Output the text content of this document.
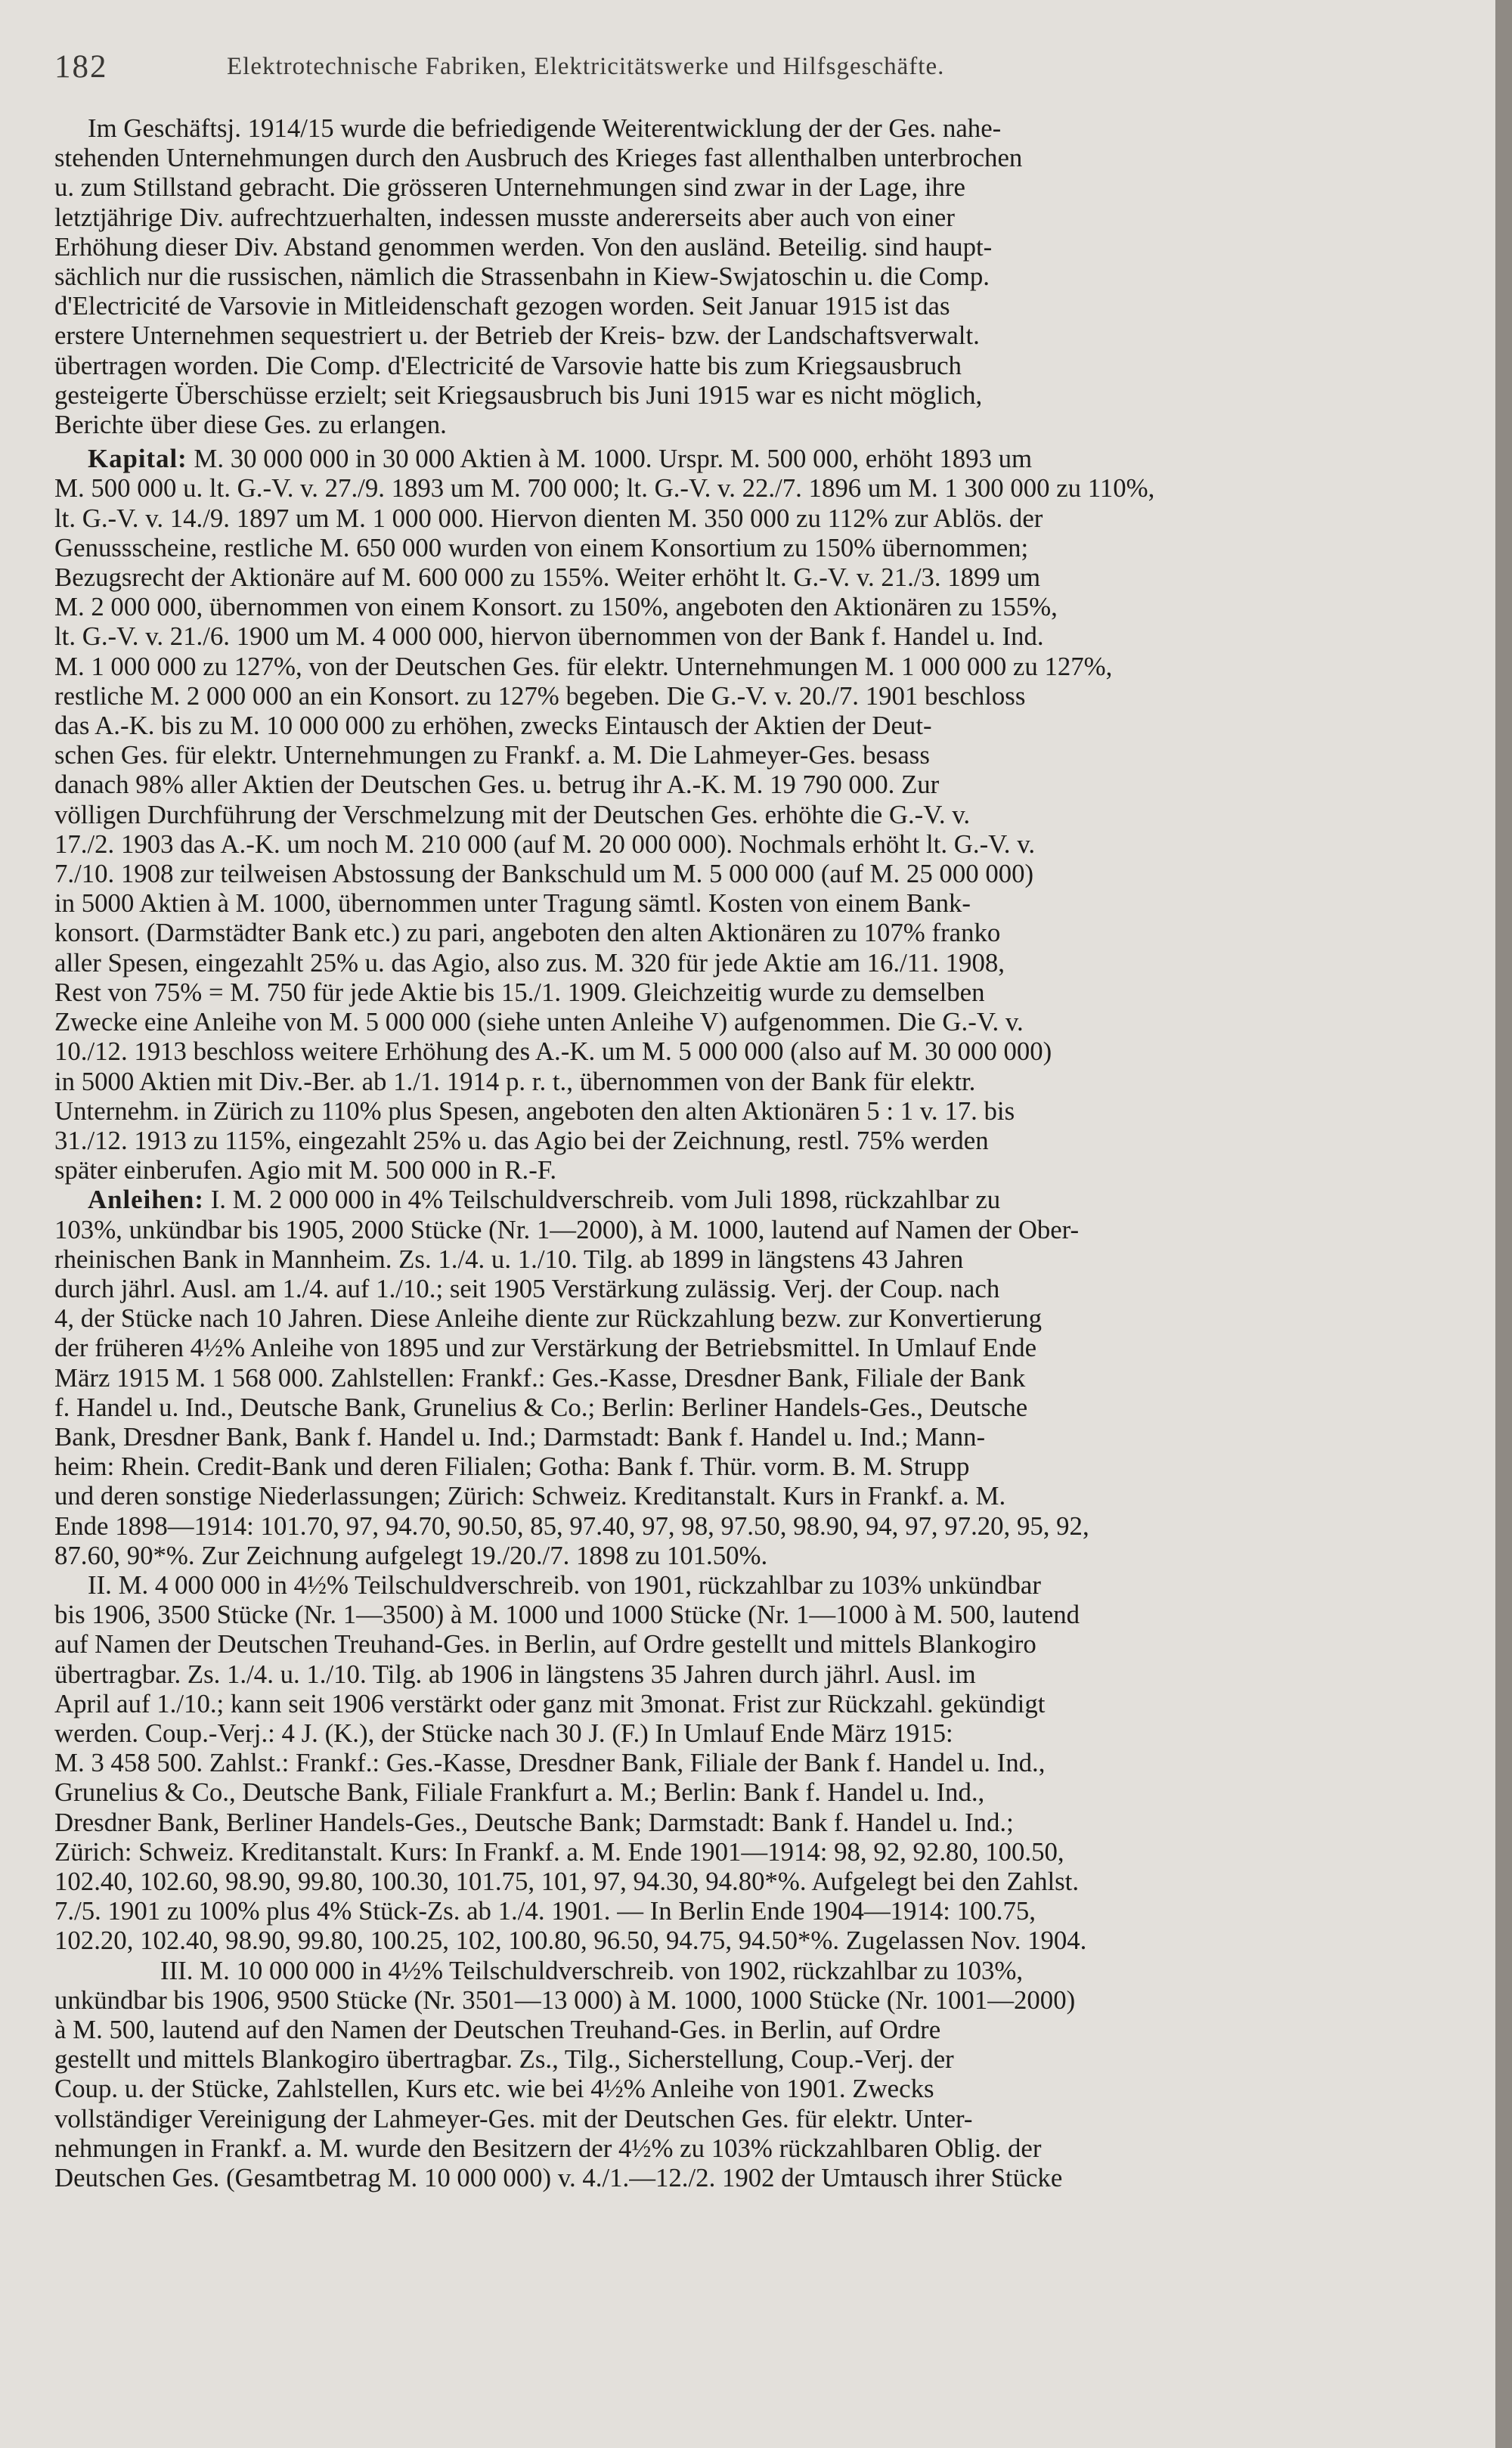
182	Elektrotechnische Fabriken, Elektricitätswerke und Hilfsgeschäfte.
Im Geschäftsj. 1914/15 wurde die befriedigende Weiterentwicklung der der Ges. nahe-
stehenden Unternehmungen durch den Ausbruch des Krieges fast allenthalben unterbrochen
u. zum Stillstand gebracht. Die grösseren Unternehmungen sind zwar in der Lage, ihre
letztjährige Div. aufrechtzuerhalten, indessen musste andererseits aber auch von einer
Erhöhung dieser Div. Abstand genommen werden. Von den ausländ. Beteilig. sind haupt-
sächlich nur die russischen, nämlich die Strassenbahn in Kiew-Swjatoschin u. die Comp.
d'Electricité de Varsovie in Mitleidenschaft gezogen worden. Seit Januar 1915 ist das
erstere Unternehmen sequestriert u. der Betrieb der Kreis- bzw. der Landschaftsverwalt.
übertragen worden. Die Comp. d'Electricité de Varsovie hatte bis zum Kriegsausbruch
gesteigerte Überschüsse erzielt; seit Kriegsausbruch bis Juni 1915 war es nicht möglich,
Berichte über diese Ges. zu erlangen.
Kapital: M. 30 000 000 in 30 000 Aktien à M. 1000. Urspr. M. 500 000, erhöht 1893 um
M. 500 000 u. lt. G.-V. v. 27./9. 1893 um M. 700 000; lt. G.-V. v. 22./7. 1896 um M. 1 300 000 zu 110%,
lt. G.-V. v. 14./9. 1897 um M. 1 000 000. Hiervon dienten M. 350 000 zu 112% zur Ablös. der
Genussscheine, restliche M. 650 000 wurden von einem Konsortium zu 150% übernommen;
Bezugsrecht der Aktionäre auf M. 600 000 zu 155%. Weiter erhöht lt. G.-V. v. 21./3. 1899 um
M. 2 000 000, übernommen von einem Konsort. zu 150%, angeboten den Aktionären zu 155%,
lt. G.-V. v. 21./6. 1900 um M. 4 000 000, hiervon übernommen von der Bank f. Handel u. Ind.
M. 1 000 000 zu 127%, von der Deutschen Ges. für elektr. Unternehmungen M. 1 000 000 zu 127%,
restliche M. 2 000 000 an ein Konsort. zu 127% begeben. Die G.-V. v. 20./7. 1901 beschloss
das A.-K. bis zu M. 10 000 000 zu erhöhen, zwecks Eintausch der Aktien der Deut-
schen Ges. für elektr. Unternehmungen zu Frankf. a. M. Die Lahmeyer-Ges. besass
danach 98% aller Aktien der Deutschen Ges. u. betrug ihr A.-K. M. 19 790 000. Zur
völligen Durchführung der Verschmelzung mit der Deutschen Ges. erhöhte die G.-V. v.
17./2. 1903 das A.-K. um noch M. 210 000 (auf M. 20 000 000). Nochmals erhöht lt. G.-V. v.
7./10. 1908 zur teilweisen Abstossung der Bankschuld um M. 5 000 000 (auf M. 25 000 000)
in 5000 Aktien à M. 1000, übernommen unter Tragung sämtl. Kosten von einem Bank-
konsort. (Darmstädter Bank etc.) zu pari, angeboten den alten Aktionären zu 107% franko
aller Spesen, eingezahlt 25% u. das Agio, also zus. M. 320 für jede Aktie am 16./11. 1908,
Rest von 75% = M. 750 für jede Aktie bis 15./1. 1909. Gleichzeitig wurde zu demselben
Zwecke eine Anleihe von M. 5 000 000 (siehe unten Anleihe V) aufgenommen. Die G.-V. v.
10./12. 1913 beschloss weitere Erhöhung des A.-K. um M. 5 000 000 (also auf M. 30 000 000)
in 5000 Aktien mit Div.-Ber. ab 1./1. 1914 p. r. t., übernommen von der Bank für elektr.
Unternehm. in Zürich zu 110% plus Spesen, angeboten den alten Aktionären 5 : 1 v. 17. bis
31./12. 1913 zu 115%, eingezahlt 25% u. das Agio bei der Zeichnung, restl. 75% werden
später einberufen. Agio mit M. 500 000 in R.-F.
Anleihen: I. M. 2 000 000 in 4% Teilschuldverschreib. vom Juli 1898, rückzahlbar zu
103%, unkündbar bis 1905, 2000 Stücke (Nr. 1—2000), à M. 1000, lautend auf Namen der Ober-
rheinischen Bank in Mannheim. Zs. 1./4. u. 1./10. Tilg. ab 1899 in längstens 43 Jahren
durch jährl. Ausl. am 1./4. auf 1./10.; seit 1905 Verstärkung zulässig. Verj. der Coup. nach
4, der Stücke nach 10 Jahren. Diese Anleihe diente zur Rückzahlung bezw. zur Konvertierung
der früheren 4½% Anleihe von 1895 und zur Verstärkung der Betriebsmittel. In Umlauf Ende
März 1915 M. 1 568 000. Zahlstellen: Frankf.: Ges.-Kasse, Dresdner Bank, Filiale der Bank
f. Handel u. Ind., Deutsche Bank, Grunelius & Co.; Berlin: Berliner Handels-Ges., Deutsche
Bank, Dresdner Bank, Bank f. Handel u. Ind.; Darmstadt: Bank f. Handel u. Ind.; Mann-
heim: Rhein. Credit-Bank und deren Filialen; Gotha: Bank f. Thür. vorm. B. M. Strupp
und deren sonstige Niederlassungen; Zürich: Schweiz. Kreditanstalt. Kurs in Frankf. a. M.
Ende 1898—1914: 101.70, 97, 94.70, 90.50, 85, 97.40, 97, 98, 97.50, 98.90, 94, 97, 97.20, 95, 92,
87.60, 90*%. Zur Zeichnung aufgelegt 19./20./7. 1898 zu 101.50%.
II. M. 4 000 000 in 4½% Teilschuldverschreib. von 1901, rückzahlbar zu 103% unkündbar
bis 1906, 3500 Stücke (Nr. 1—3500) à M. 1000 und 1000 Stücke (Nr. 1—1000 à M. 500, lautend
auf Namen der Deutschen Treuhand-Ges. in Berlin, auf Ordre gestellt und mittels Blankogiro
übertragbar. Zs. 1./4. u. 1./10. Tilg. ab 1906 in längstens 35 Jahren durch jährl. Ausl. im
April auf 1./10.; kann seit 1906 verstärkt oder ganz mit 3monat. Frist zur Rückzahl. gekündigt
werden. Coup.-Verj.: 4 J. (K.), der Stücke nach 30 J. (F.) In Umlauf Ende März 1915:
M. 3 458 500. Zahlst.: Frankf.: Ges.-Kasse, Dresdner Bank, Filiale der Bank f. Handel u. Ind.,
Grunelius & Co., Deutsche Bank, Filiale Frankfurt a. M.; Berlin: Bank f. Handel u. Ind.,
Dresdner Bank, Berliner Handels-Ges., Deutsche Bank; Darmstadt: Bank f. Handel u. Ind.;
Zürich: Schweiz. Kreditanstalt. Kurs: In Frankf. a. M. Ende 1901—1914: 98, 92, 92.80, 100.50,
102.40, 102.60, 98.90, 99.80, 100.30, 101.75, 101, 97, 94.30, 94.80*%. Aufgelegt bei den Zahlst.
7./5. 1901 zu 100% plus 4% Stück-Zs. ab 1./4. 1901. — In Berlin Ende 1904—1914: 100.75,
102.20, 102.40, 98.90, 99.80, 100.25, 102, 100.80, 96.50, 94.75, 94.50*%. Zugelassen Nov. 1904.
III. M. 10 000 000 in 4½% Teilschuldverschreib. von 1902, rückzahlbar zu 103%,
unkündbar bis 1906, 9500 Stücke (Nr. 3501—13 000) à M. 1000, 1000 Stücke (Nr. 1001—2000)
à M. 500, lautend auf den Namen der Deutschen Treuhand-Ges. in Berlin, auf Ordre
gestellt und mittels Blankogiro übertragbar. Zs., Tilg., Sicherstellung, Coup.-Verj. der
Coup. u. der Stücke, Zahlstellen, Kurs etc. wie bei 4½% Anleihe von 1901. Zwecks
vollständiger Vereinigung der Lahmeyer-Ges. mit der Deutschen Ges. für elektr. Unter-
nehmungen in Frankf. a. M. wurde den Besitzern der 4½% zu 103% rückzahlbaren Oblig. der
Deutschen Ges. (Gesamtbetrag M. 10 000 000) v. 4./1.—12./2. 1902 der Umtausch ihrer Stücke
